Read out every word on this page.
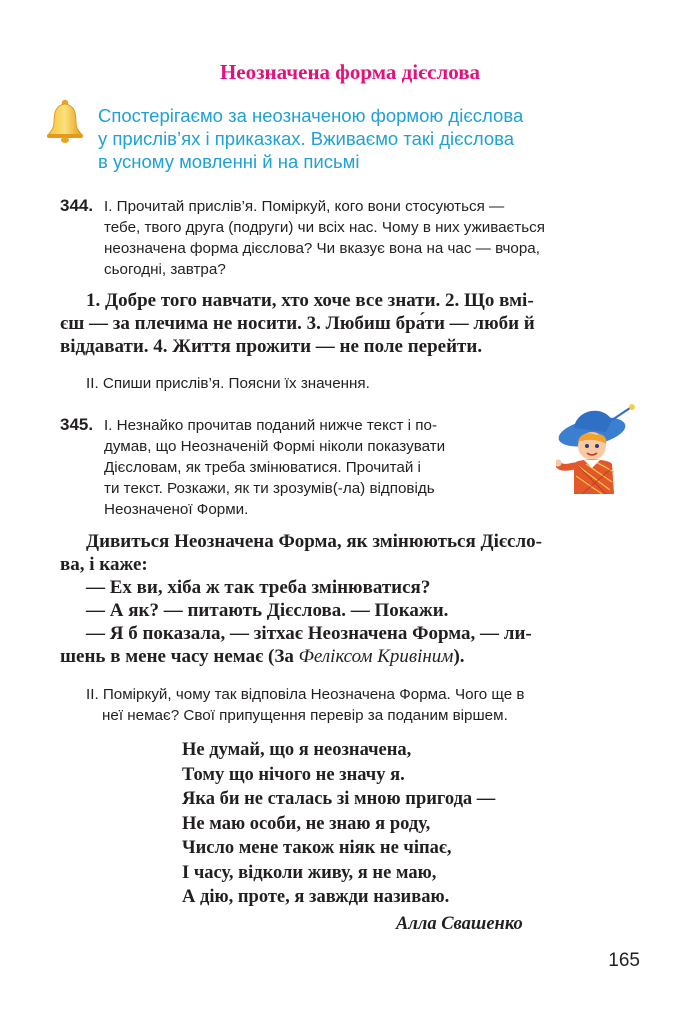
Неозначена форма дієслова
Спостерігаємо за неозначеною формою дієслова
у прислів’ях і приказках. Вживаємо такі дієслова
в усному мовленні й на письмі
344. І. Прочитай прислів’я. Поміркуй, кого вони стосуються —
тебе, твого друга (подруги) чи всіх нас. Чому в них уживається
неозначена форма дієслова? Чи вказує вона на час — вчора,
сьогодні, завтра?
1. Добре того навчати, хто хоче все знати. 2. Що вмі-
єш — за плечима не носити. 3. Любиш бра́ти — люби й
віддавати. 4. Життя прожити — не поле перейти.
ІІ. Спиши прислів’я. Поясни їх значення.
345. І. Незнайко прочитав поданий нижче текст і по-
думав, що Неозначеній Формі ніколи показувати
Дієсловам, як треба змінюватися. Прочитай і
ти текст. Розкажи, як ти зрозумів(-ла) відповідь
Неозначеної Форми.
Дивиться Неозначена Форма, як змінюються Дієсло-
ва, і каже:
— Ех ви, хіба ж так треба змінюватися?
— А як? — питають Дієслова. — Покажи.
— Я б показала, — зітхає Неозначена Форма, — ли-
шень в мене часу немає (За Феліксом Кривіним).
ІІ. Поміркуй, чому так відповіла Неозначена Форма. Чого ще в
неї немає? Свої припущення перевір за поданим віршем.
Не думай, що я неозначена,
Тому що нічого не значу я.
Яка би не сталась зі мною пригода —
Не маю особи, не знаю я роду,
Число мене також ніяк не чіпає,
І часу, відколи живу, я не маю,
А дію, проте, я завжди називаю.
Алла Свашенко
165
